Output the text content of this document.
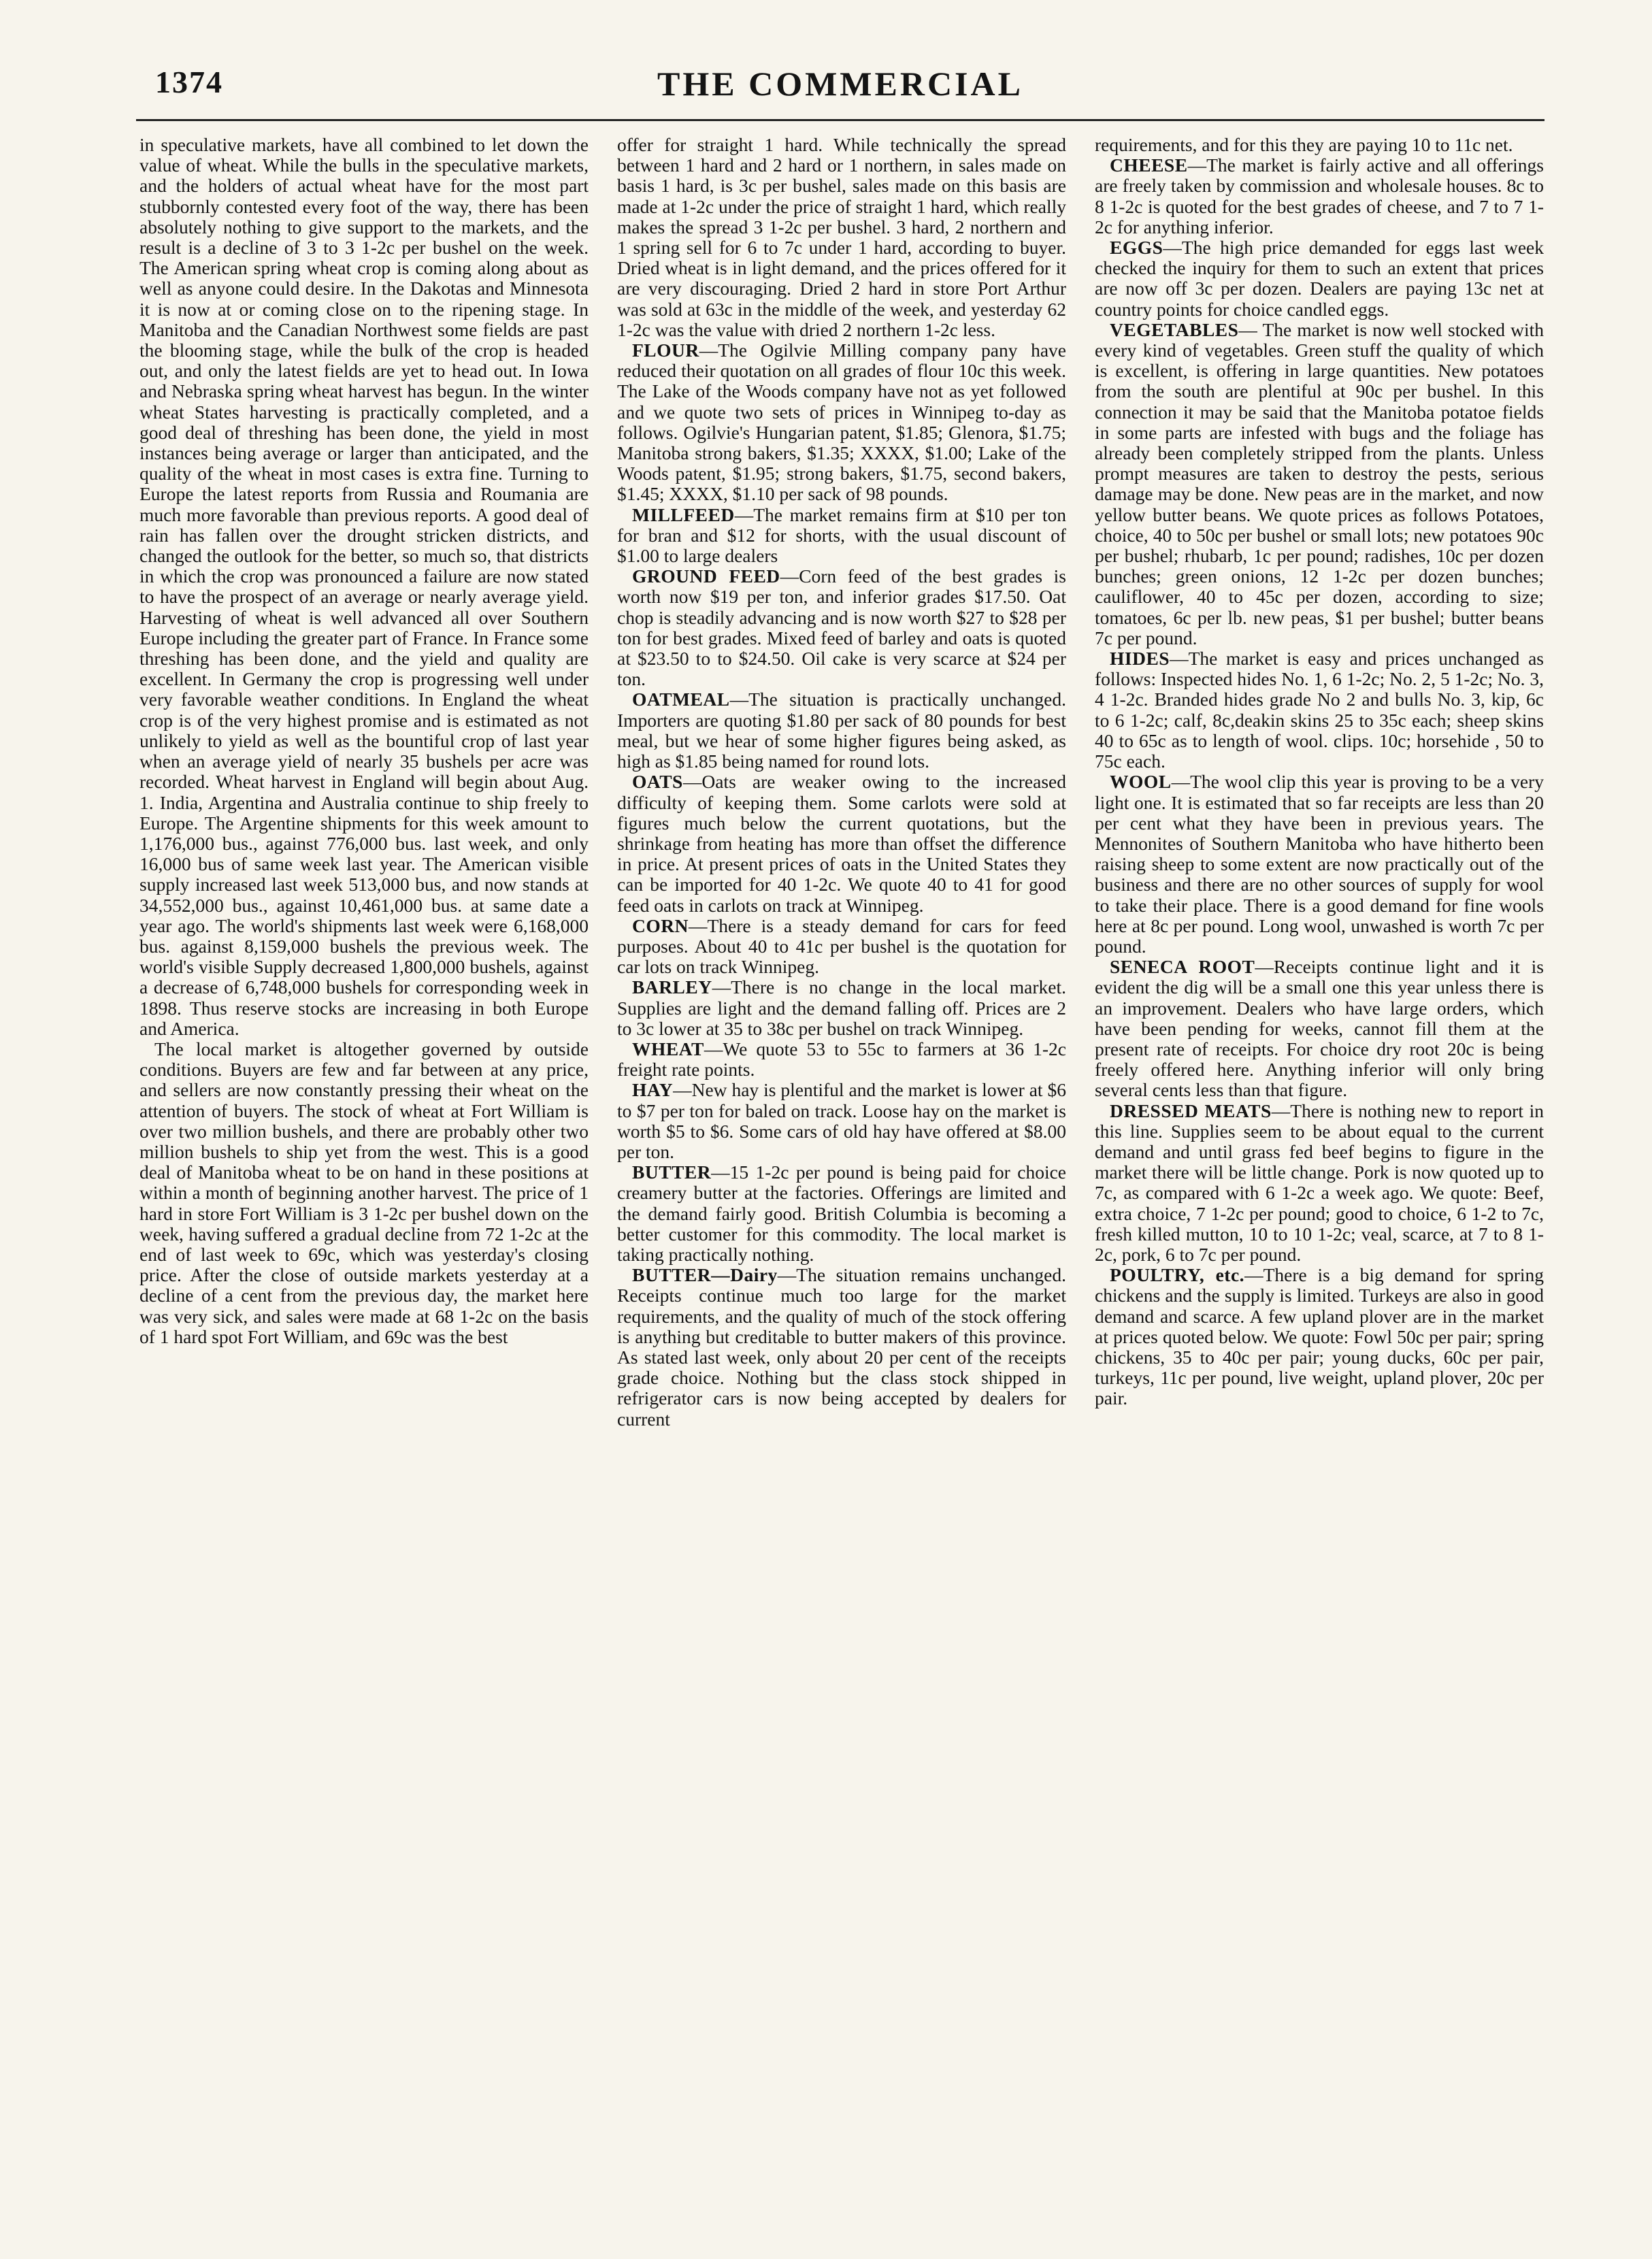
1374	THE COMMERCIAL

in speculative markets, have all combined to let down the value of wheat. While the bulls in the speculative markets, and the holders of actual wheat have for the most part stubbornly contested every foot of the way, there has been absolutely nothing to give support to the markets, and the result is a decline of 3 to 3 1-2c per bushel on the week. The American spring wheat crop is coming along about as well as anyone could desire. In the Dakotas and Minnesota it is now at or coming close on to the ripening stage. In Manitoba and the Canadian Northwest some fields are past the blooming stage, while the bulk of the crop is headed out, and only the latest fields are yet to head out. In Iowa and Nebraska spring wheat harvest has begun. In the winter wheat States harvesting is practically completed, and a good deal of threshing has been done, the yield in most instances being average or larger than anticipated, and the quality of the wheat in most cases is extra fine. Turning to Europe the latest reports from Russia and Roumania are much more favorable than previous reports. A good deal of rain has fallen over the drought stricken districts, and changed the outlook for the better, so much so, that districts in which the crop was pronounced a failure are now stated to have the prospect of an average or nearly average yield. Harvesting of wheat is well advanced all over Southern Europe including the greater part of France. In France some threshing has been done, and the yield and quality are excellent. In Germany the crop is progressing well under very favorable weather conditions. In England the wheat crop is of the very highest promise and is estimated as not unlikely to yield as well as the bountiful crop of last year when an average yield of nearly 35 bushels per acre was recorded. Wheat harvest in England will begin about Aug. 1. India, Argentina and Australia continue to ship freely to Europe. The Argentine shipments for this week amount to 1,176,000 bus., against 776,000 bus. last week, and only 16,000 bus of same week last year. The American visible supply increased last week 513,000 bus, and now stands at 34,552,000 bus., against 10,461,000 bus. at same date a year ago. The world's shipments last week were 6,168,000 bus. against 8,159,000 bushels the previous week. The world's visible Supply decreased 1,800,000 bushels, against a decrease of 6,748,000 bushels for corresponding week in 1898. Thus reserve stocks are increasing in both Europe and America.

The local market is altogether governed by outside conditions. Buyers are few and far between at any price, and sellers are now constantly pressing their wheat on the attention of buyers. The stock of wheat at Fort William is over two million bushels, and there are probably other two million bushels to ship yet from the west. This is a good deal of Manitoba wheat to be on hand in these positions at within a month of beginning another harvest. The price of 1 hard in store Fort William is 3 1-2c per bushel down on the week, having suffered a gradual decline from 72 1-2c at the end of last week to 69c, which was yesterday's closing price. After the close of outside markets yesterday at a decline of a cent from the previous day, the market here was very sick, and sales were made at 68 1-2c on the basis of 1 hard spot Fort William, and 69c was the best

offer for straight 1 hard. While technically the spread between 1 hard and 2 hard or 1 northern, in sales made on basis 1 hard, is 3c per bushel, sales made on this basis are made at 1-2c under the price of straight 1 hard, which really makes the spread 3 1-2c per bushel. 3 hard, 2 northern and 1 spring sell for 6 to 7c under 1 hard, according to buyer. Dried wheat is in light demand, and the prices offered for it are very discouraging. Dried 2 hard in store Port Arthur was sold at 63c in the middle of the week, and yesterday 62 1-2c was the value with dried 2 northern 1-2c less.

FLOUR—The Ogilvie Milling company pany have reduced their quotation on all grades of flour 10c this week. The Lake of the Woods company have not as yet followed and we quote two sets of prices in Winnipeg to-day as follows. Ogilvie's Hungarian patent, $1.85; Glenora, $1.75; Manitoba strong bakers, $1.35; XXXX, $1.00; Lake of the Woods patent, $1.95; strong bakers, $1.75, second bakers, $1.45; XXXX, $1.10 per sack of 98 pounds.

MILLFEED—The market remains firm at $10 per ton for bran and $12 for shorts, with the usual discount of $1.00 to large dealers

GROUND FEED—Corn feed of the best grades is worth now $19 per ton, and inferior grades $17.50. Oat chop is steadily advancing and is now worth $27 to $28 per ton for best grades. Mixed feed of barley and oats is quoted at $23.50 to to $24.50. Oil cake is very scarce at $24 per ton.

OATMEAL—The situation is practically unchanged. Importers are quoting $1.80 per sack of 80 pounds for best meal, but we hear of some higher figures being asked, as high as $1.85 being named for round lots.

OATS—Oats are weaker owing to the increased difficulty of keeping them. Some carlots were sold at figures much below the current quotations, but the shrinkage from heating has more than offset the difference in price. At present prices of oats in the United States they can be imported for 40 1-2c. We quote 40 to 41 for good feed oats in carlots on track at Winnipeg.

CORN—There is a steady demand for cars for feed purposes. About 40 to 41c per bushel is the quotation for car lots on track Winnipeg.

BARLEY—There is no change in the local market. Supplies are light and the demand falling off. Prices are 2 to 3c lower at 35 to 38c per bushel on track Winnipeg.

WHEAT—We quote 53 to 55c to farmers at 36 1-2c freight rate points.

HAY—New hay is plentiful and the market is lower at $6 to $7 per ton for baled on track. Loose hay on the market is worth $5 to $6. Some cars of old hay have offered at $8.00 per ton.

BUTTER—15 1-2c per pound is being paid for choice creamery butter at the factories. Offerings are limited and the demand fairly good. British Columbia is becoming a better customer for this commodity. The local market is taking practically nothing.

BUTTER—Dairy—The situation remains unchanged. Receipts continue much too large for the market requirements, and the quality of much of the stock offering is anything but creditable to butter makers of this province. As stated last week, only about 20 per cent of the receipts grade choice. Nothing but the class stock shipped in refrigerator cars is now being accepted by dealers for current

requirements, and for this they are paying 10 to 11c net.

CHEESE—The market is fairly active and all offerings are freely taken by commission and wholesale houses. 8c to 8 1-2c is quoted for the best grades of cheese, and 7 to 7 1-2c for anything inferior.

EGGS—The high price demanded for eggs last week checked the inquiry for them to such an extent that prices are now off 3c per dozen. Dealers are paying 13c net at country points for choice candled eggs.

VEGETABLES— The market is now well stocked with every kind of vegetables. Green stuff the quality of which is excellent, is offering in large quantities. New potatoes from the south are plentiful at 90c per bushel. In this connection it may be said that the Manitoba potatoe fields in some parts are infested with bugs and the foliage has already been completely stripped from the plants. Unless prompt measures are taken to destroy the pests, serious damage may be done. New peas are in the market, and now yellow butter beans. We quote prices as follows Potatoes, choice, 40 to 50c per bushel or small lots; new potatoes 90c per bushel; rhubarb, 1c per pound; radishes, 10c per dozen bunches; green onions, 12 1-2c per dozen bunches; cauliflower, 40 to 45c per dozen, according to size; tomatoes, 6c per lb. new peas, $1 per bushel; butter beans 7c per pound.

HIDES—The market is easy and prices unchanged as follows: Inspected hides No. 1, 6 1-2c; No. 2, 5 1-2c; No. 3, 4 1-2c. Branded hides grade No 2 and bulls No. 3, kip, 6c to 6 1-2c; calf, 8c,deakin skins 25 to 35c each; sheep skins 40 to 65c as to length of wool. clips. 10c; horsehide , 50 to 75c each.

WOOL—The wool clip this year is proving to be a very light one. It is estimated that so far receipts are less than 20 per cent what they have been in previous years. The Mennonites of Southern Manitoba who have hitherto been raising sheep to some extent are now practically out of the business and there are no other sources of supply for wool to take their place. There is a good demand for fine wools here at 8c per pound. Long wool, unwashed is worth 7c per pound.

SENECA ROOT—Receipts continue light and it is evident the dig will be a small one this year unless there is an improvement. Dealers who have large orders, which have been pending for weeks, cannot fill them at the present rate of receipts. For choice dry root 20c is being freely offered here. Anything inferior will only bring several cents less than that figure.

DRESSED MEATS—There is nothing new to report in this line. Supplies seem to be about equal to the current demand and until grass fed beef begins to figure in the market there will be little change. Pork is now quoted up to 7c, as compared with 6 1-2c a week ago. We quote: Beef, extra choice, 7 1-2c per pound; good to choice, 6 1-2 to 7c, fresh killed mutton, 10 to 10 1-2c; veal, scarce, at 7 to 8 1-2c, pork, 6 to 7c per pound.

POULTRY, etc.—There is a big demand for spring chickens and the supply is limited. Turkeys are also in good demand and scarce. A few upland plover are in the market at prices quoted below. We quote: Fowl 50c per pair; spring chickens, 35 to 40c per pair; young ducks, 60c per pair, turkeys, 11c per pound, live weight, upland plover, 20c per pair.
